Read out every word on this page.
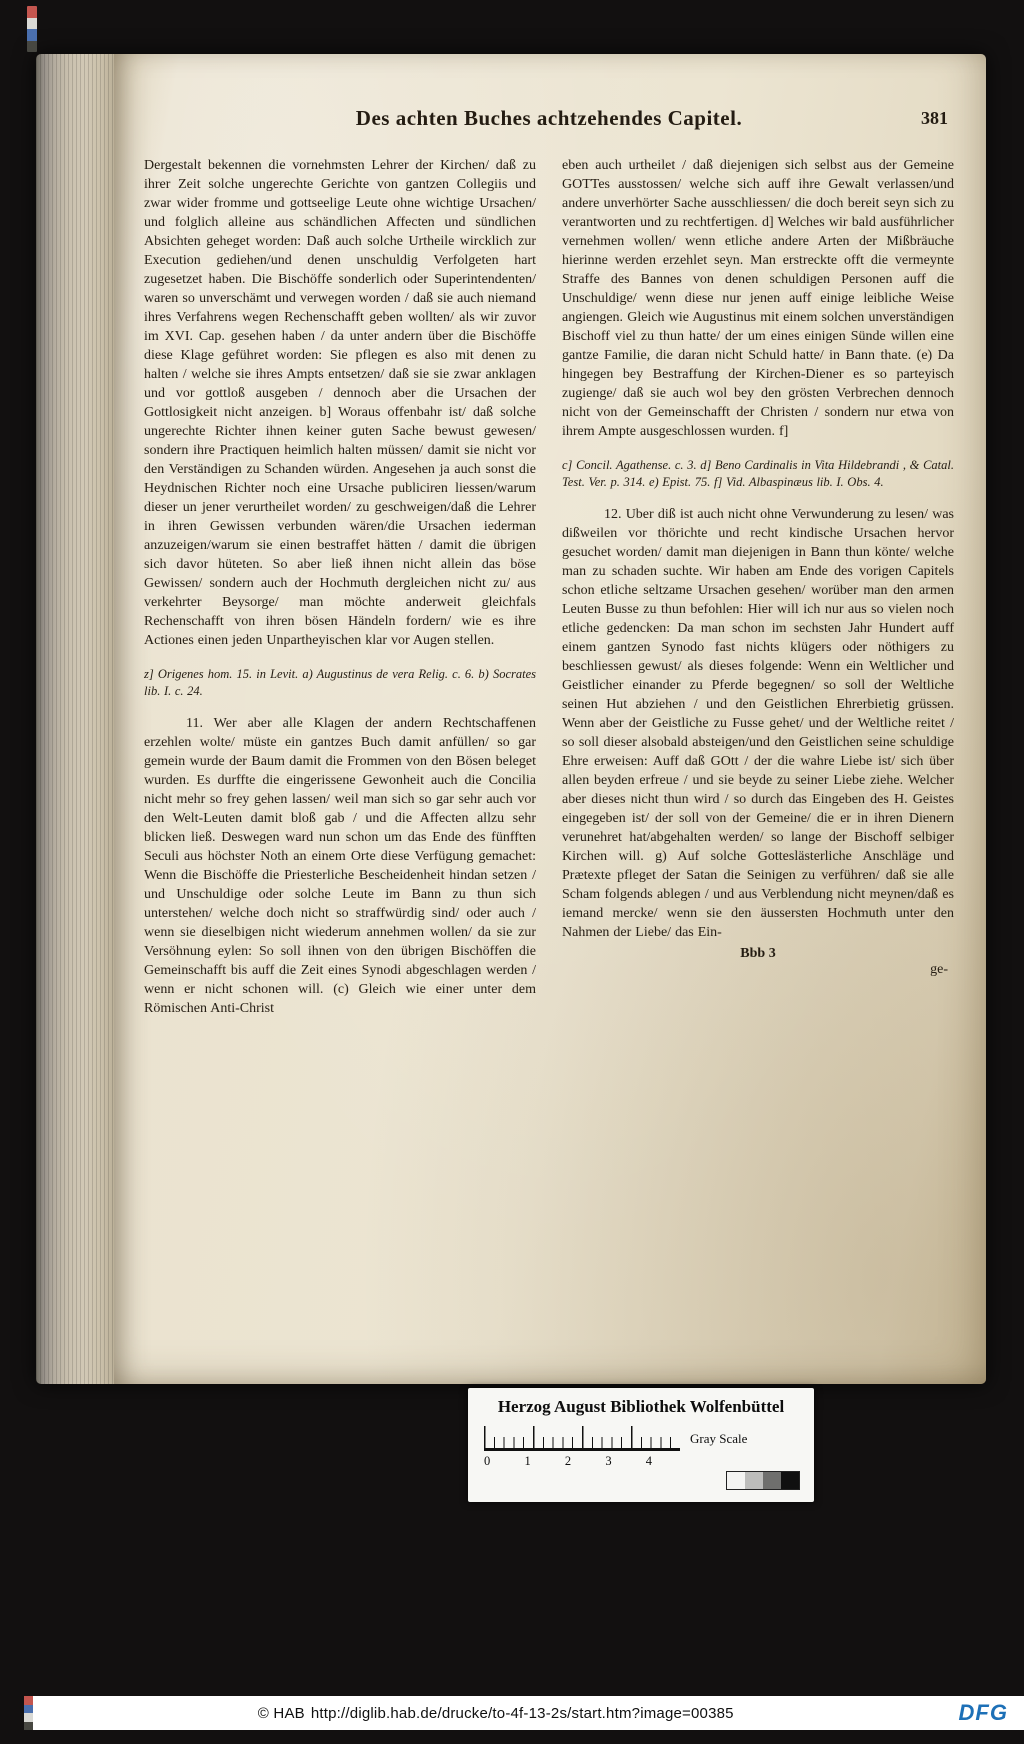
Des achten Buches achtzehendes Capitel.	381

Dergestalt bekennen die vornehmsten Lehrer der Kirchen/ daß zu ihrer Zeit solche ungerechte Gerichte von gantzen Collegiis und zwar wider fromme und gottseelige Leute ohne wichtige Ursachen/ und folglich alleine aus schändlichen Affecten und sündlichen Absichten geheget worden: Daß auch solche Urtheile wircklich zur Execution gediehen/und denen unschuldig Verfolgeten hart zugesetzet haben. Die Bischöffe sonderlich oder Superintendenten/ waren so unverschämt und verwegen worden / daß sie auch niemand ihres Verfahrens wegen Rechenschafft geben wollten/ als wir zuvor im XVI. Cap. gesehen haben / da unter andern über die Bischöffe diese Klage geführet worden: Sie pflegen es also mit denen zu halten / welche sie ihres Ampts entsetzen/ daß sie sie zwar anklagen und vor gottloß ausgeben / dennoch aber die Ursachen der Gottlosigkeit nicht anzeigen. b] Woraus offenbahr ist/ daß solche ungerechte Richter ihnen keiner guten Sache bewust gewesen/ sondern ihre Practiquen heimlich halten müssen/ damit sie nicht vor den Verständigen zu Schanden würden. Angesehen ja auch sonst die Heydnischen Richter noch eine Ursache publiciren liessen/warum dieser un jener verurtheilet worden/ zu geschweigen/daß die Lehrer in ihren Gewissen verbunden wären/die Ursachen iederman anzuzeigen/warum sie einen bestraffet hätten / damit die übrigen sich davor hüteten. So aber ließ ihnen nicht allein das böse Gewissen/ sondern auch der Hochmuth dergleichen nicht zu/ aus verkehrter Beysorge/ man möchte anderweit gleichfals Rechenschafft von ihren bösen Händeln fordern/ wie es ihre Actiones einen jeden Unpartheyischen klar vor Augen stellen.

z] Origenes hom. 15. in Levit. a) Augustinus de vera Relig. c. 6. b) Socrates lib. I. c. 24.

11. Wer aber alle Klagen der andern Rechtschaffenen erzehlen wolte/ müste ein gantzes Buch damit anfüllen/ so gar gemein wurde der Baum damit die Frommen von den Bösen beleget wurden. Es durffte die eingerissene Gewonheit auch die Concilia nicht mehr so frey gehen lassen/ weil man sich so gar sehr auch vor den Welt-Leuten damit bloß gab / und die Affecten allzu sehr blicken ließ. Deswegen ward nun schon um das Ende des fünfften Seculi aus höchster Noth an einem Orte diese Verfügung gemachet: Wenn die Bischöffe die Priesterliche Bescheidenheit hindan setzen / und Unschuldige oder solche Leute im Bann zu thun sich unterstehen/ welche doch nicht so straffwürdig sind/ oder auch / wenn sie dieselbigen nicht wiederum annehmen wollen/ da sie zur Versöhnung eylen: So soll ihnen von den übrigen Bischöffen die Gemeinschafft bis auff die Zeit eines Synodi abgeschlagen werden / wenn er nicht schonen will. (c) Gleich wie einer unter dem Römischen Anti-Christ

eben auch urtheilet / daß diejenigen sich selbst aus der Gemeine GOTTes ausstossen/ welche sich auff ihre Gewalt verlassen/und andere unverhörter Sache ausschliessen/ die doch bereit seyn sich zu verantworten und zu rechtfertigen. d] Welches wir bald ausführlicher vernehmen wollen/ wenn etliche andere Arten der Mißbräuche hierinne werden erzehlet seyn. Man erstreckte offt die vermeynte Straffe des Bannes von denen schuldigen Personen auff die Unschuldige/ wenn diese nur jenen auff einige leibliche Weise angiengen. Gleich wie Augustinus mit einem solchen unverständigen Bischoff viel zu thun hatte/ der um eines einigen Sünde willen eine gantze Familie, die daran nicht Schuld hatte/ in Bann thate. (e) Da hingegen bey Bestraffung der Kirchen-Diener es so parteyisch zugienge/ daß sie auch wol bey den grösten Verbrechen dennoch nicht von der Gemeinschafft der Christen / sondern nur etwa von ihrem Ampte ausgeschlossen wurden. f]

c] Concil. Agathense. c. 3. d] Beno Cardinalis in Vita Hildebrandi , & Catal. Test. Ver. p. 314. e) Epist. 75. f] Vid. Albaspinæus lib. I. Obs. 4.

12. Uber diß ist auch nicht ohne Verwunderung zu lesen/ was dißweilen vor thörichte und recht kindische Ursachen hervor gesuchet worden/ damit man diejenigen in Bann thun könte/ welche man zu schaden suchte. Wir haben am Ende des vorigen Capitels schon etliche seltzame Ursachen gesehen/ worüber man den armen Leuten Busse zu thun befohlen: Hier will ich nur aus so vielen noch etliche gedencken: Da man schon im sechsten Jahr Hundert auff einem gantzen Synodo fast nichts klügers oder nöthigers zu beschliessen gewust/ als dieses folgende: Wenn ein Weltlicher und Geistlicher einander zu Pferde begegnen/ so soll der Weltliche seinen Hut abziehen / und den Geistlichen Ehrerbietig grüssen. Wenn aber der Geistliche zu Fusse gehet/ und der Weltliche reitet / so soll dieser alsobald absteigen/und den Geistlichen seine schuldige Ehre erweisen: Auff daß GOtt / der die wahre Liebe ist/ sich über allen beyden erfreue / und sie beyde zu seiner Liebe ziehe. Welcher aber dieses nicht thun wird / so durch das Eingeben des H. Geistes eingegeben ist/ der soll von der Gemeine/ die er in ihren Dienern verunehret hat/abgehalten werden/ so lange der Bischoff selbiger Kirchen will. g) Auf solche Gotteslästerliche Anschläge und Prætexte pfleget der Satan die Seinigen zu verführen/ daß sie alle Scham folgends ablegen / und aus Verblendung nicht meynen/daß es iemand mercke/ wenn sie den äussersten Hochmuth unter den Nahmen der Liebe/ das Ein-

Bbb 3
ge-
Herzog August Bibliothek Wolfenbüttel
Gray Scale
0	1	2	3	4
© HAB http://diglib.hab.de/drucke/to-4f-13-2s/start.htm?image=00385	DFG
